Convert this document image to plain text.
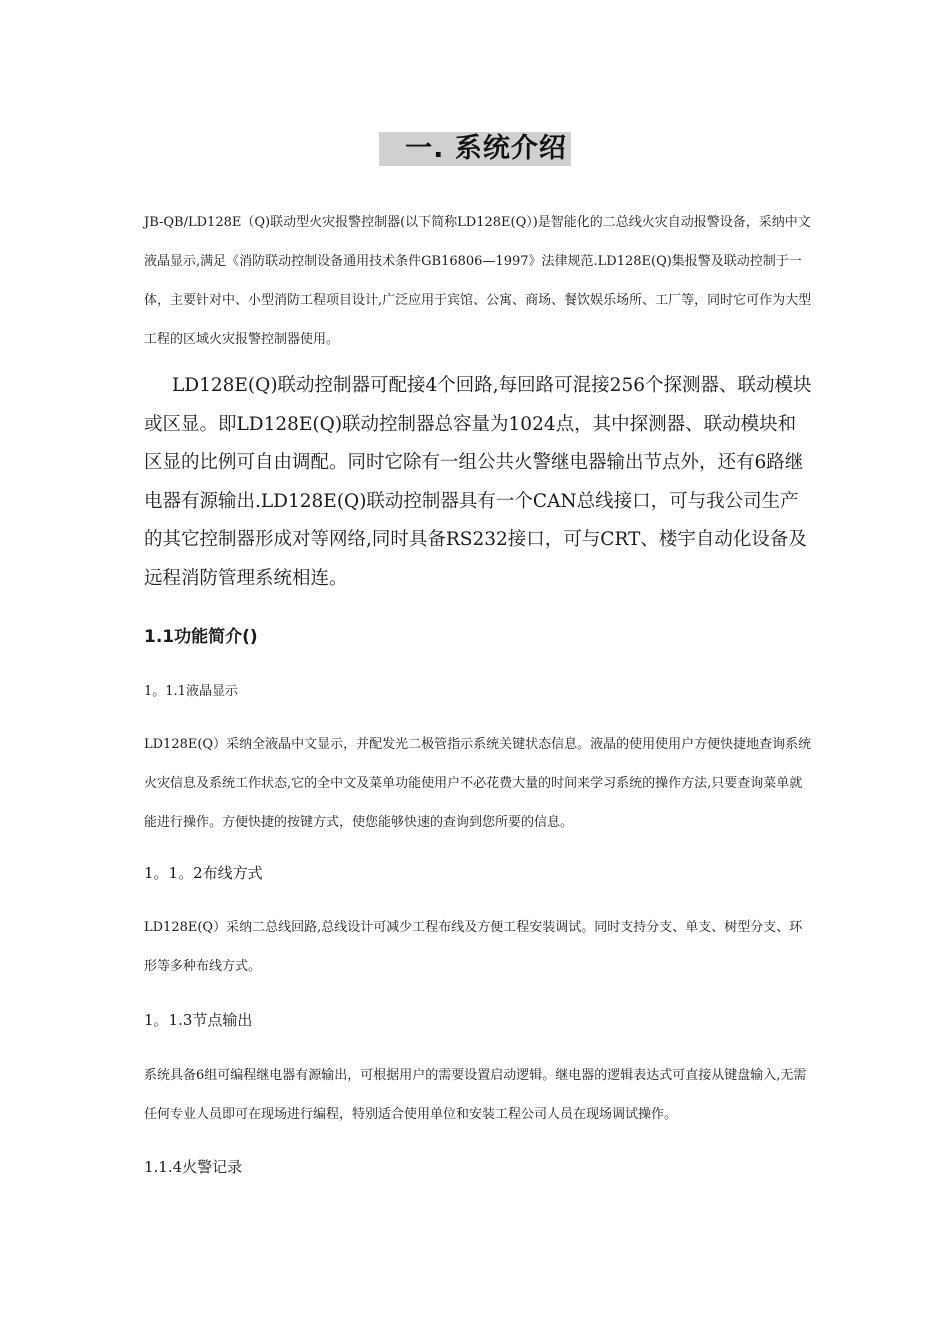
一. 系统介绍
JB-QB/LD128E（Q)联动型火灾报警控制器(以下简称LD128E(Q）)是智能化的二总线火灾自动报警设备，采纳中文液晶显示,满足《消防联动控制设备通用技术条件GB16806—1997》法律规范.LD128E(Q)集报警及联动控制于一体，主要针对中、小型消防工程项目设计,广泛应用于宾馆、公寓、商场、餐饮娱乐场所、工厂等，同时它可作为大型工程的区域火灾报警控制器使用。
LD128E(Q)联动控制器可配接4个回路,每回路可混接256个探测器、联动模块或区显。即LD128E(Q)联动控制器总容量为1024点，其中探测器、联动模块和区显的比例可自由调配。同时它除有一组公共火警继电器输出节点外，还有6路继电器有源输出.LD128E(Q)联动控制器具有一个CAN总线接口，可与我公司生产的其它控制器形成对等网络,同时具备RS232接口，可与CRT、楼宇自动化设备及远程消防管理系统相连。
1.1功能简介()
1。1.1液晶显示
LD128E(Q）采纳全液晶中文显示，并配发光二极管指示系统关键状态信息。液晶的使用使用户方便快捷地查询系统火灾信息及系统工作状态,它的全中文及菜单功能使用户不必花费大量的时间来学习系统的操作方法,只要查询菜单就能进行操作。方便快捷的按键方式，使您能够快速的查询到您所要的信息。
1。1。2布线方式
LD128E(Q）采纳二总线回路,总线设计可减少工程布线及方便工程安装调试。同时支持分支、单支、树型分支、环形等多种布线方式。
1。1.3节点输出
系统具备6组可编程继电器有源输出，可根据用户的需要设置启动逻辑。继电器的逻辑表达式可直接从键盘输入,无需任何专业人员即可在现场进行编程，特别适合使用单位和安装工程公司人员在现场调试操作。
1.1.4火警记录
